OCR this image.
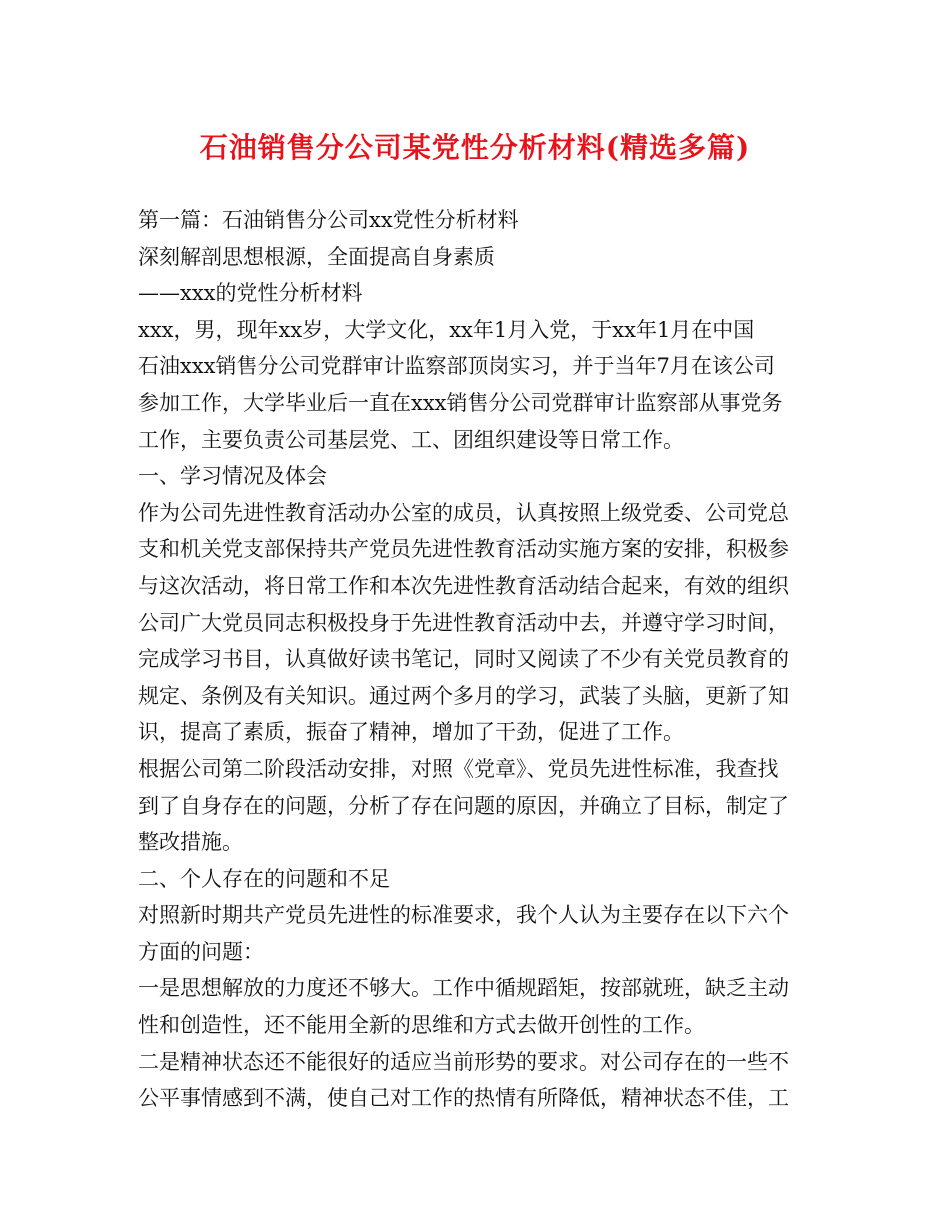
石油销售分公司某党性分析材料(精选多篇)
第一篇：石油销售分公司xx党性分析材料
深刻解剖思想根源，全面提高自身素质
——xxx的党性分析材料
xxx，男，现年xx岁，大学文化，xx年1月入党，于xx年1月在中国
石油xxx销售分公司党群审计监察部顶岗实习，并于当年7月在该公司
参加工作，大学毕业后一直在xxx销售分公司党群审计监察部从事党务
工作，主要负责公司基层党、工、团组织建设等日常工作。
一、学习情况及体会
作为公司先进性教育活动办公室的成员，认真按照上级党委、公司党总
支和机关党支部保持共产党员先进性教育活动实施方案的安排，积极参
与这次活动，将日常工作和本次先进性教育活动结合起来，有效的组织
公司广大党员同志积极投身于先进性教育活动中去，并遵守学习时间，
完成学习书目，认真做好读书笔记，同时又阅读了不少有关党员教育的
规定、条例及有关知识。通过两个多月的学习，武装了头脑，更新了知
识，提高了素质，振奋了精神，增加了干劲，促进了工作。
根据公司第二阶段活动安排，对照《党章》、党员先进性标准，我查找
到了自身存在的问题，分析了存在问题的原因，并确立了目标，制定了
整改措施。
二、个人存在的问题和不足
对照新时期共产党员先进性的标准要求，我个人认为主要存在以下六个
方面的问题：
一是思想解放的力度还不够大。工作中循规蹈矩，按部就班，缺乏主动
性和创造性，还不能用全新的思维和方式去做开创性的工作。
二是精神状态还不能很好的适应当前形势的要求。对公司存在的一些不
公平事情感到不满，使自己对工作的热情有所降低，精神状态不佳，工
